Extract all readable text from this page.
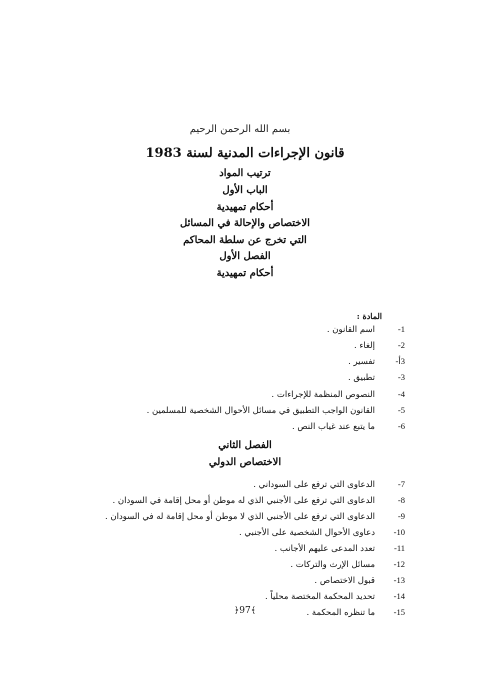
بسم الله الرحمن الرحيم
قانون الإجراءات المدنية لسنة 1983
ترتيب المواد
الباب الأول
أحكام تمهيدية
الاختصاص والإحالة في المسائل
التي تخرج عن سلطة المحاكم
الفصل الأول
أحكام تمهيدية
المادة :
1-اسم القانون .
2-إلغاء .
3أ-تفسير .
3-تطبيق .
4-النصوص المنظمة للإجراءات .
5-القانون الواجب التطبيق في مسائل الأحوال الشخصية للمسلمين .
6-ما يتبع عند غياب النص .
الفصل الثاني
الاختصاص الدولي
7-الدعاوى التي ترفع على السوداني .
8-الدعاوى التي ترفع على الأجنبي الذي له موطن أو محل إقامة في السودان .
9-الدعاوى التي ترفع على الأجنبي الذي لا موطن أو محل إقامة له في السودان .
10-دعاوى الأحوال الشخصية على الأجنبي .
11-تعدد المدعى عليهم الأجانب .
12-مسائل الإرث والتركات .
13-قبول الاختصاص .
14-تحديد المحكمة المختصة محلياً .
15-ما تنظره المحكمة .
﴿97﴾
